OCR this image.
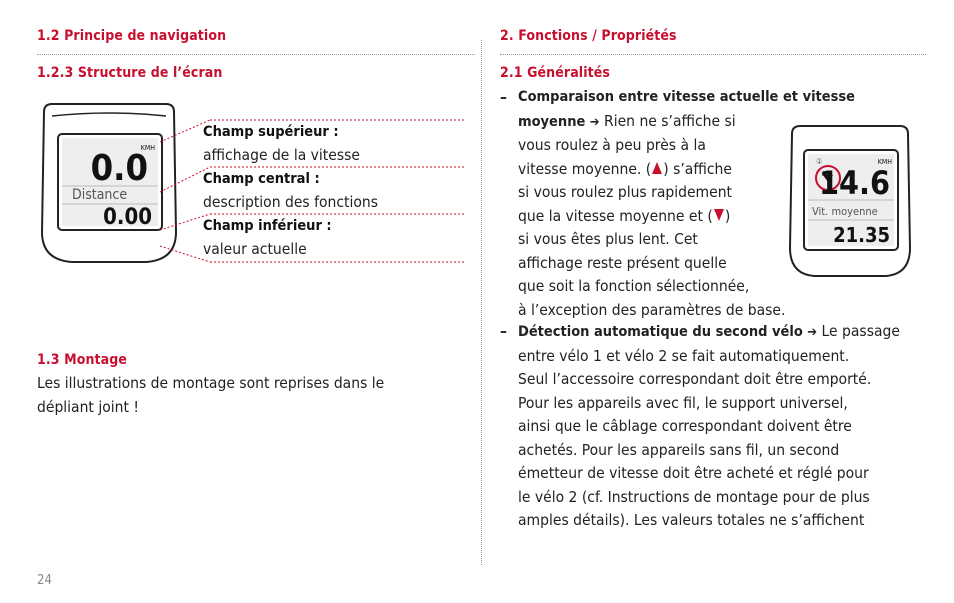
1.2 Principe de navigation
1.2.3 Structure de l’écran
0.0
KMH
Distance
0.00
Champ supérieur :
affichage de la vitesse
Champ central :
description des fonctions
Champ inférieur :
valeur actuelle
1.3 Montage
Les illustrations de montage sont reprises dans le
dépliant joint !
24
2. Fonctions / Propriétés
2.1 Généralités
– Comparaison entre vitesse actuelle et vitesse
moyenne ➔ Rien ne s’affiche si
vous roulez à peu près à la
vitesse moyenne. ( ) s’affiche
si vous roulez plus rapidement
que la vitesse moyenne et ( )
si vous êtes plus lent. Cet
affichage reste présent quelle
que soit la fonction sélectionnée,
à l’exception des paramètres de base.
①
14.6
KMH
Vit. moyenne
21.35
– Détection automatique du second vélo ➔ Le passage
entre vélo 1 et vélo 2 se fait automatiquement.
Seul l’accessoire correspondant doit être emporté.
Pour les appareils avec fil, le support universel,
ainsi que le câblage correspondant doivent être
achetés. Pour les appareils sans fil, un second
émetteur de vitesse doit être acheté et réglé pour
le vélo 2 (cf. Instructions de montage pour de plus
amples détails). Les valeurs totales ne s’affichent
